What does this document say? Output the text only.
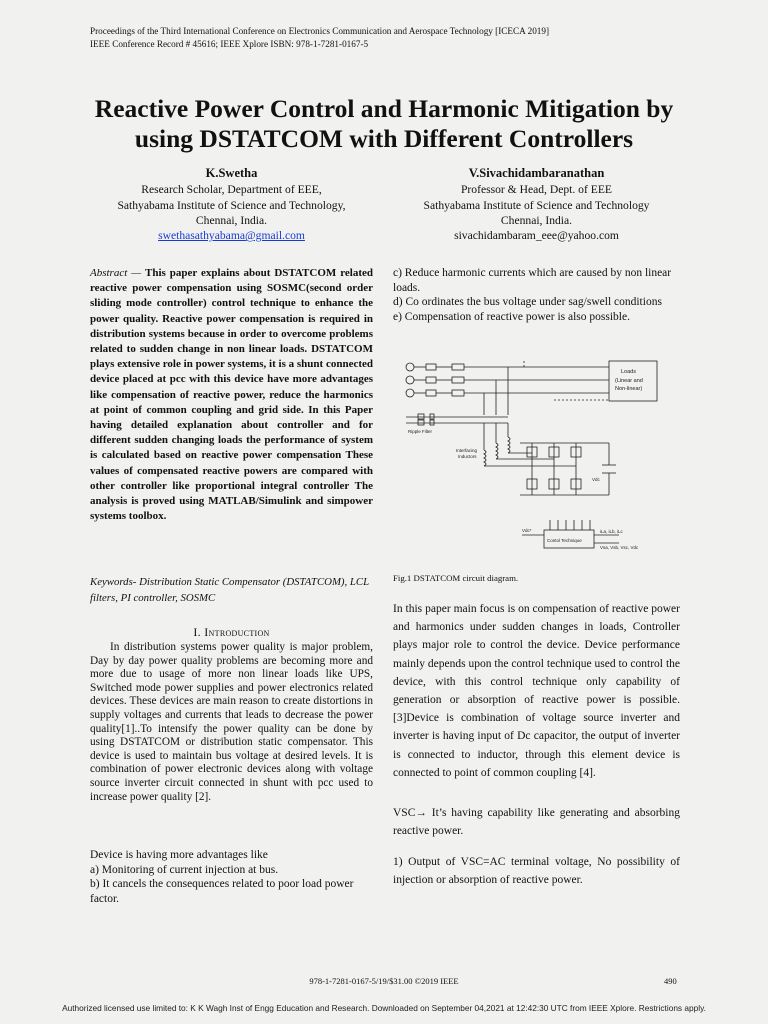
Proceedings of the Third International Conference on Electronics Communication and Aerospace Technology [ICECA 2019]
IEEE Conference Record # 45616; IEEE Xplore ISBN: 978-1-7281-0167-5
Reactive Power Control and Harmonic Mitigation by
using DSTATCOM with Different Controllers
K.Swetha
Research Scholar, Department of EEE,
Sathyabama Institute of Science and Technology,
Chennai, India.
swethasathyabama@gmail.com
V.Sivachidambaranathan
Professor & Head, Dept. of EEE
Sathyabama Institute of Science and Technology
Chennai, India.
sivachidambaram_eee@yahoo.com
Abstract — This paper explains about DSTATCOM related reactive power compensation using SOSMC(second order sliding mode controller) control technique to enhance the power quality. Reactive power compensation is required in distribution systems because in order to overcome problems related to sudden change in non linear loads. DSTATCOM plays extensive role in power systems, it is a shunt connected device placed at pcc with this device have more advantages like compensation of reactive power, reduce the harmonics at point of common coupling and grid side. In this Paper having detailed explanation about controller and for different sudden changing loads the performance of system is calculated based on reactive power compensation These values of compensated reactive powers are compared with other controller like proportional integral controller The analysis is proved using MATLAB/Simulink and simpower systems toolbox.
Keywords- Distribution Static Compensator (DSTATCOM), LCL filters, PI controller, SOSMC
I. Introduction
In distribution systems power quality is major problem, Day by day power quality problems are becoming more and more due to usage of more non linear loads like UPS, Switched mode power supplies and power electronics related devices. These devices are main reason to create distortions in supply voltages and currents that leads to decrease the power quality[1]..To intensify the power quality can be done by using DSTATCOM or distribution static compensator. This device is used to maintain bus voltage at desired levels. It is combination of power electronic devices along with voltage source inverter circuit connected in shunt with pcc used to increase power quality [2].
Device is having more advantages like
a) Monitoring of current injection at bus.
b) It cancels the consequences related to poor load power factor.
c) Reduce harmonic currents which are caused by non linear loads.
d) Co ordinates the bus voltage under sag/swell conditions
e) Compensation of reactive power is also possible.
Loads
(Linear and
Non-linear)
Ripple Filter
Interfacing
Inductors
Vdc
Contol Technique
Vdc*	iLa, iLb, iLc
Vsa, Vsb, Vsc, Vdc
Fig.1 DSTATCOM circuit diagram.
In this paper main focus is on compensation of reactive power and harmonics under sudden changes in loads, Controller plays major role to control the device. Device performance mainly depends upon the control technique used to control the device, with this control technique only capability of generation or absorption of reactive power is possible. [3]Device is combination of voltage source inverter and inverter is having input of Dc capacitor, the output of inverter is connected to inductor, through this element device is connected to point of common coupling [4].
VSC→ It’s having capability like generating and absorbing reactive power.
1) Output of VSC=AC terminal voltage, No possibility of injection or absorption of reactive power.
978-1-7281-0167-5/19/$31.00 ©2019 IEEE	490
Authorized licensed use limited to: K K Wagh Inst of Engg Education and Research. Downloaded on September 04,2021 at 12:42:30 UTC from IEEE Xplore. Restrictions apply.
